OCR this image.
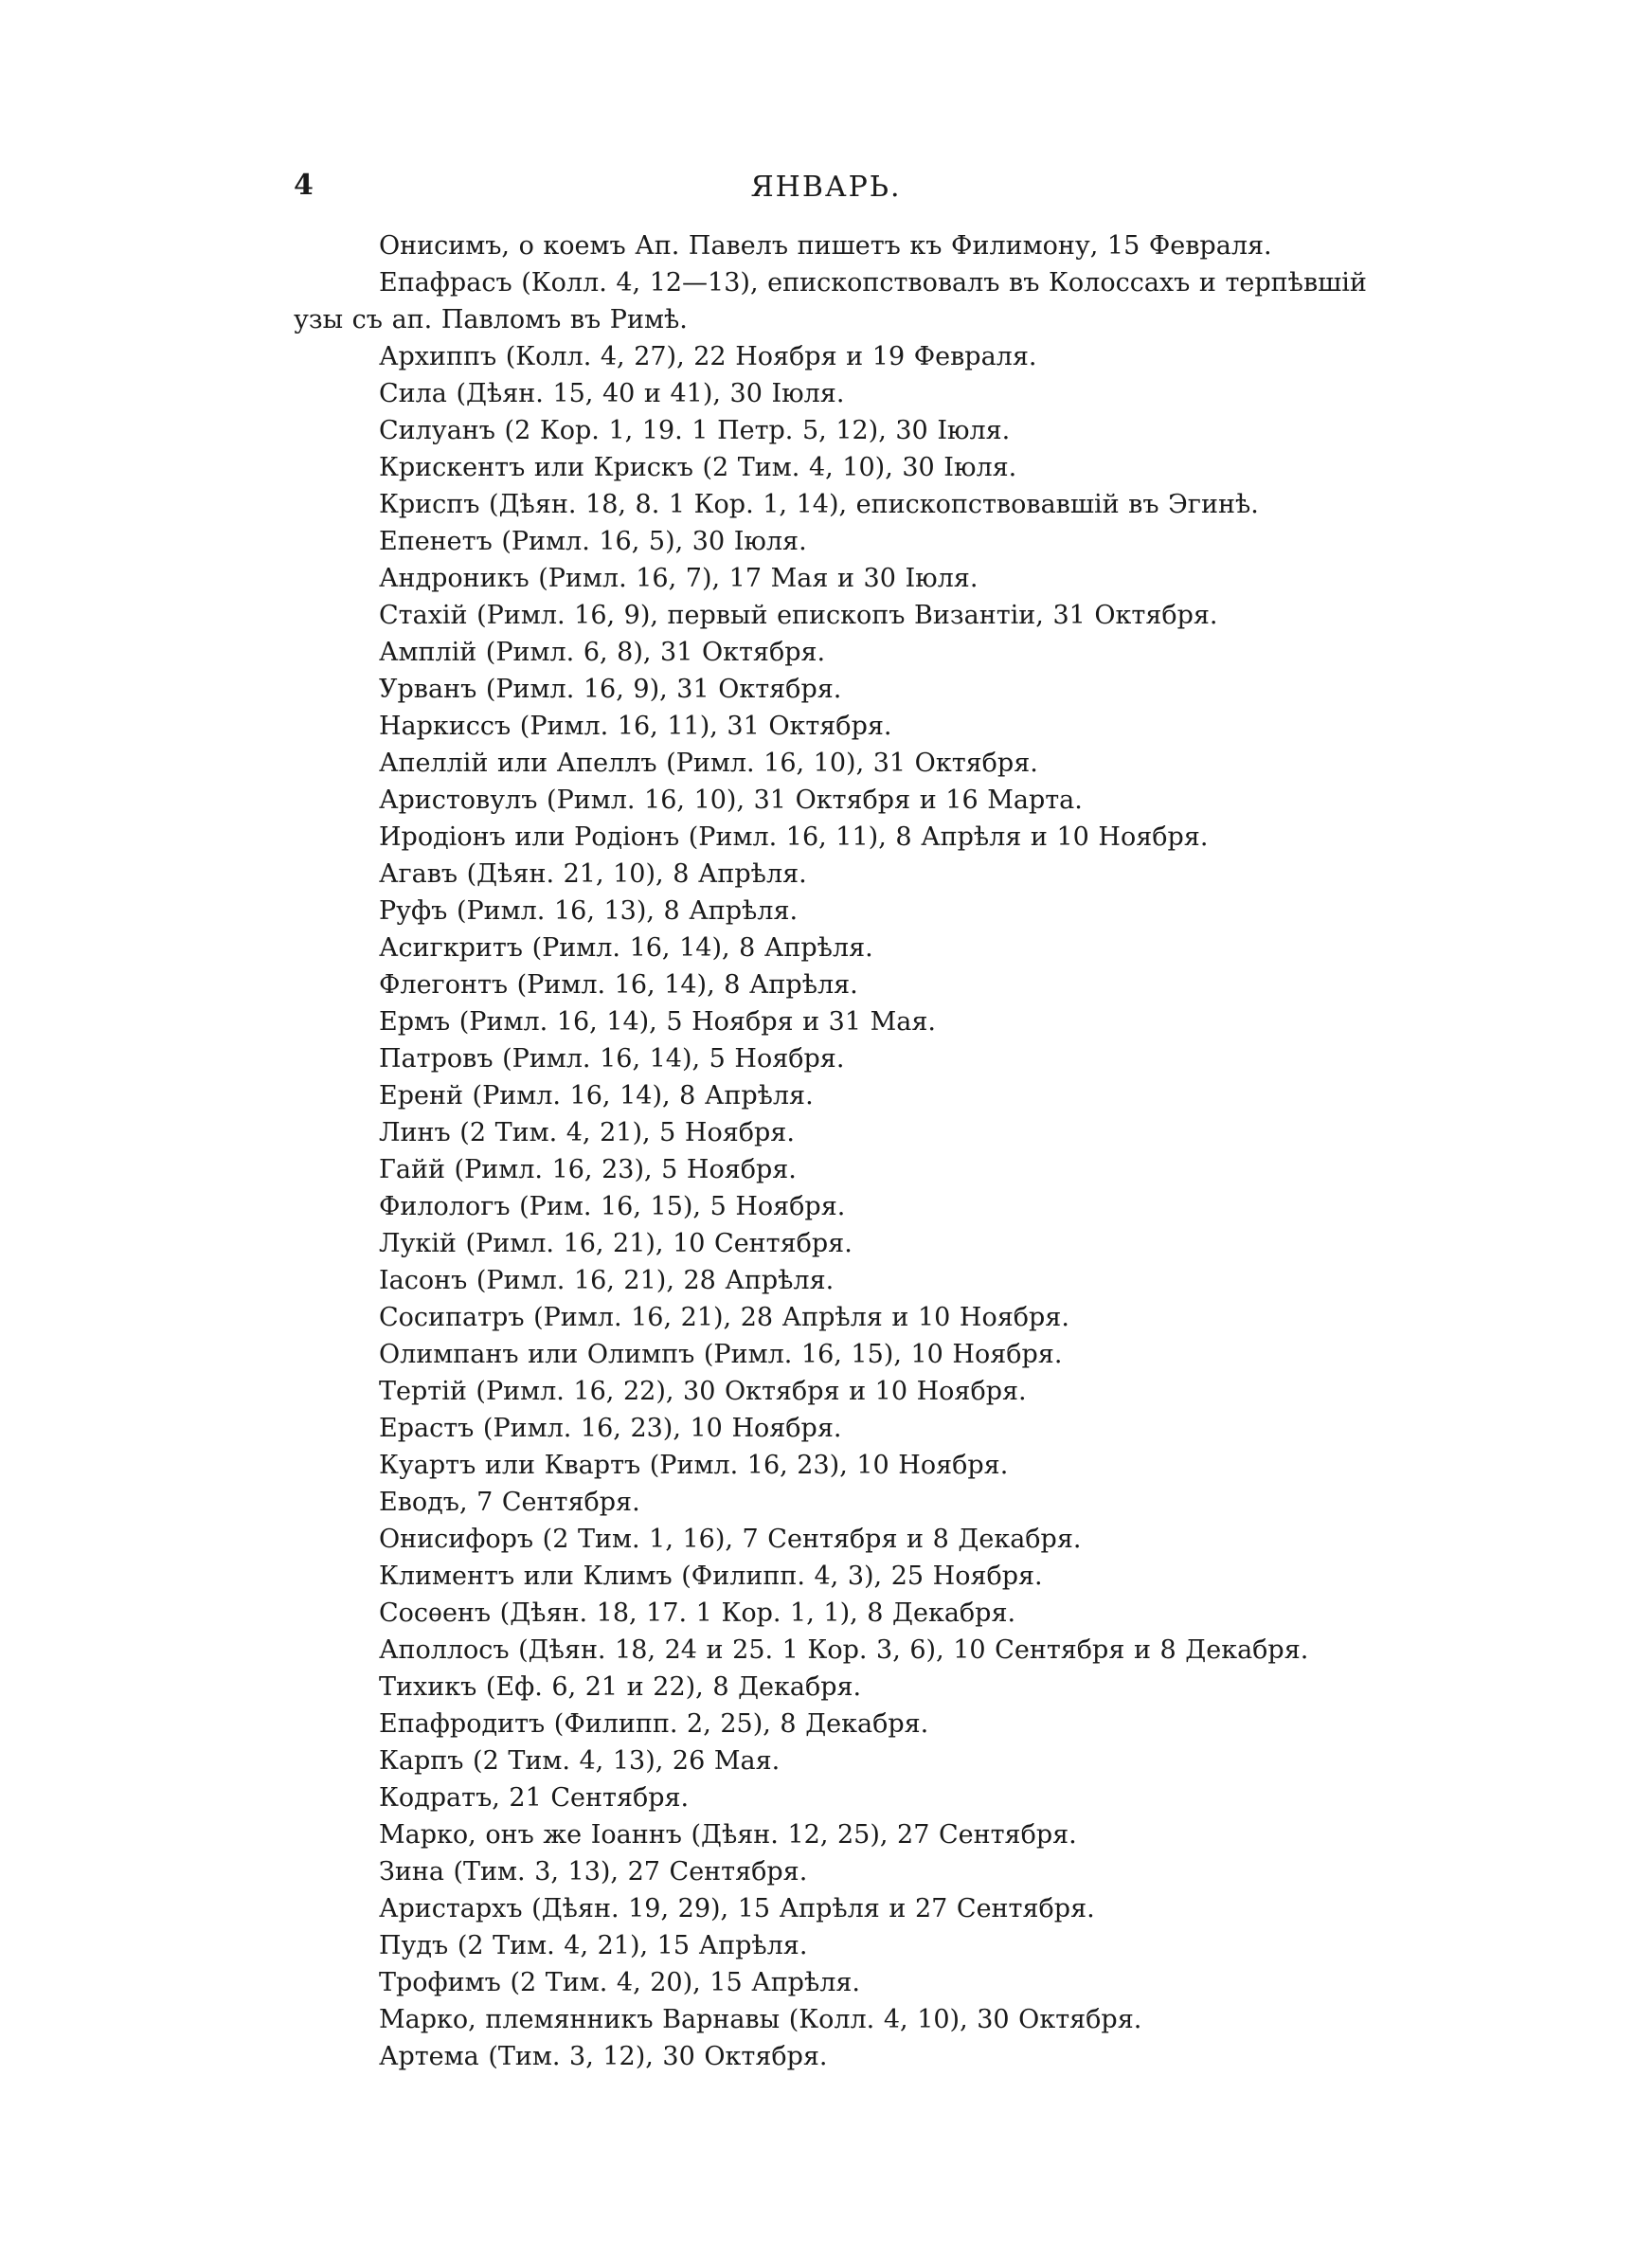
4	ЯНВАРЬ.
Онисимъ, о коемъ Ап. Павелъ пишетъ къ Филимону, 15 Февраля.
Епафрасъ (Колл. 4, 12—13), епископствовалъ въ Колоссахъ и терпѣвшій узы съ ап. Павломъ въ Римѣ.
Архиппъ (Колл. 4, 27), 22 Ноября и 19 Февраля.
Сила (Дѣян. 15, 40 и 41), 30 Іюля.
Силуанъ (2 Кор. 1, 19. 1 Петр. 5, 12), 30 Іюля.
Крискентъ или Крискъ (2 Тим. 4, 10), 30 Іюля.
Криспъ (Дѣян. 18, 8. 1 Кор. 1, 14), епископствовавшій въ Эгинѣ.
Епенетъ (Римл. 16, 5), 30 Іюля.
Андроникъ (Римл. 16, 7), 17 Мая и 30 Іюля.
Стахій (Римл. 16, 9), первый епископъ Византіи, 31 Октября.
Амплій (Римл. 6, 8), 31 Октября.
Урванъ (Римл. 16, 9), 31 Октября.
Наркиссъ (Римл. 16, 11), 31 Октября.
Апеллій или Апеллъ (Римл. 16, 10), 31 Октября.
Аристовулъ (Римл. 16, 10), 31 Октября и 16 Марта.
Иродіонъ или Родіонъ (Римл. 16, 11), 8 Апрѣля и 10 Ноября.
Агавъ (Дѣян. 21, 10), 8 Апрѣля.
Руфъ (Римл. 16, 13), 8 Апрѣля.
Асигкритъ (Римл. 16, 14), 8 Апрѣля.
Флегонтъ (Римл. 16, 14), 8 Апрѣля.
Ермъ (Римл. 16, 14), 5 Ноября и 31 Мая.
Патровъ (Римл. 16, 14), 5 Ноября.
Еренй (Римл. 16, 14), 8 Апрѣля.
Линъ (2 Тим. 4, 21), 5 Ноября.
Гайй (Римл. 16, 23), 5 Ноября.
Филологъ (Рим. 16, 15), 5 Ноября.
Лукій (Римл. 16, 21), 10 Сентября.
Іасонъ (Римл. 16, 21), 28 Апрѣля.
Сосипатръ (Римл. 16, 21), 28 Апрѣля и 10 Ноября.
Олимпанъ или Олимпъ (Римл. 16, 15), 10 Ноября.
Тертій (Римл. 16, 22), 30 Октября и 10 Ноября.
Ерастъ (Римл. 16, 23), 10 Ноября.
Куартъ или Квартъ (Римл. 16, 23), 10 Ноября.
Еводъ, 7 Сентября.
Онисифоръ (2 Тим. 1, 16), 7 Сентября и 8 Декабря.
Климентъ или Климъ (Филипп. 4, 3), 25 Ноября.
Сосѳенъ (Дѣян. 18, 17. 1 Кор. 1, 1), 8 Декабря.
Аполлосъ (Дѣян. 18, 24 и 25. 1 Кор. 3, 6), 10 Сентября и 8 Декабря.
Тихикъ (Еф. 6, 21 и 22), 8 Декабря.
Епафродитъ (Филипп. 2, 25), 8 Декабря.
Карпъ (2 Тим. 4, 13), 26 Мая.
Кодратъ, 21 Сентября.
Марко, онъ же Іоаннъ (Дѣян. 12, 25), 27 Сентября.
Зина (Тим. 3, 13), 27 Сентября.
Аристархъ (Дѣян. 19, 29), 15 Апрѣля и 27 Сентября.
Пудъ (2 Тим. 4, 21), 15 Апрѣля.
Трофимъ (2 Тим. 4, 20), 15 Апрѣля.
Марко, племянникъ Варнавы (Колл. 4, 10), 30 Октября.
Артема (Тим. 3, 12), 30 Октября.
